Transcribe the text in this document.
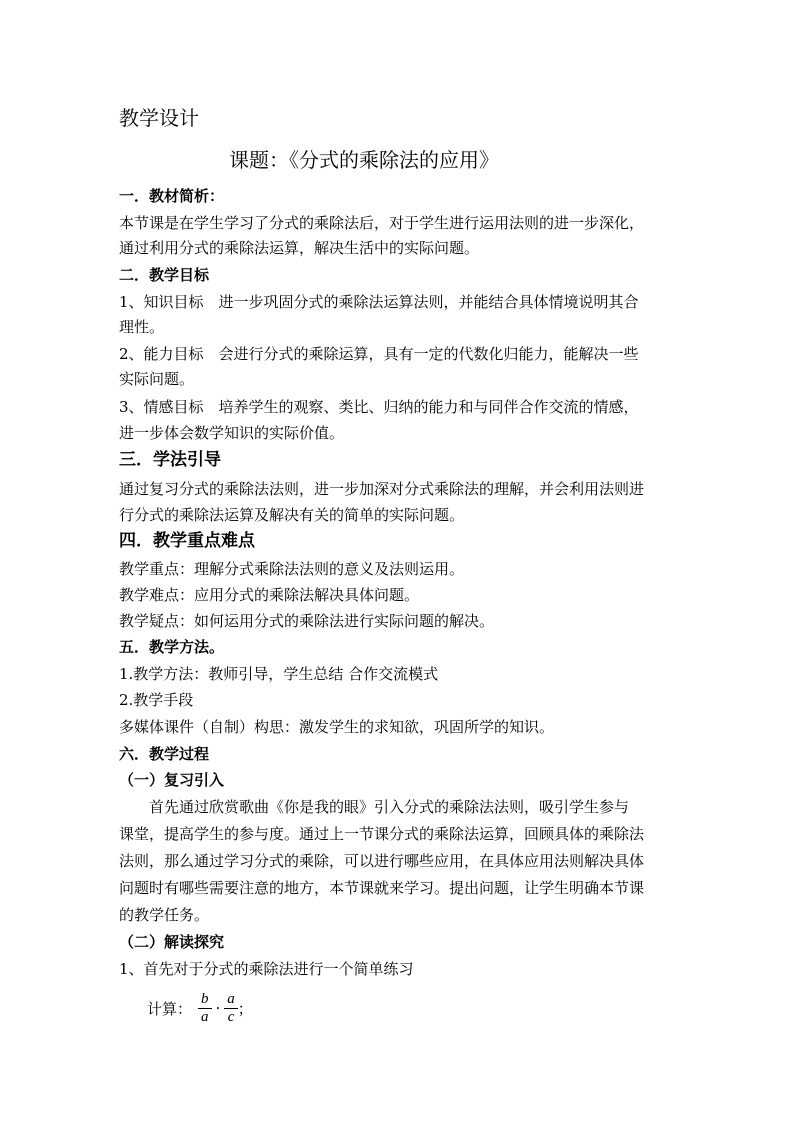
教学设计
课题：《分式的乘除法的应用》
一．教材简析：
本节课是在学生学习了分式的乘除法后，对于学生进行运用法则的进一步深化，
通过利用分式的乘除法运算，解决生活中的实际问题。
二．教学目标
1、知识目标　进一步巩固分式的乘除法运算法则，并能结合具体情境说明其合
理性。
2、能力目标　会进行分式的乘除运算，具有一定的代数化归能力，能解决一些
实际问题。
3、情感目标　培养学生的观察、类比、归纳的能力和与同伴合作交流的情感，
进一步体会数学知识的实际价值。
三．学法引导
通过复习分式的乘除法法则，进一步加深对分式乘除法的理解，并会利用法则进
行分式的乘除法运算及解决有关的简单的实际问题。
四．教学重点难点
教学重点：理解分式乘除法法则的意义及法则运用。
教学难点：应用分式的乘除法解决具体问题。
教学疑点：如何运用分式的乘除法进行实际问题的解决。
五．教学方法。
1.教学方法：教师引导，学生总结 合作交流模式
2.教学手段
多媒体课件（自制）构思：激发学生的求知欲，巩固所学的知识。
六．教学过程
（一）复习引入
首先通过欣赏歌曲《你是我的眼》引入分式的乘除法法则，吸引学生参与
课堂，提高学生的参与度。通过上一节课分式的乘除法运算，回顾具体的乘除法
法则，那么通过学习分式的乘除，可以进行哪些应用，在具体应用法则解决具体
问题时有哪些需要注意的地方，本节课就来学习。提出问题，让学生明确本节课
的教学任务。
（二）解读探究
1、首先对于分式的乘除法进行一个简单练习
计算： $\frac{b}{a} \cdot \frac{a}{c}$ ；
